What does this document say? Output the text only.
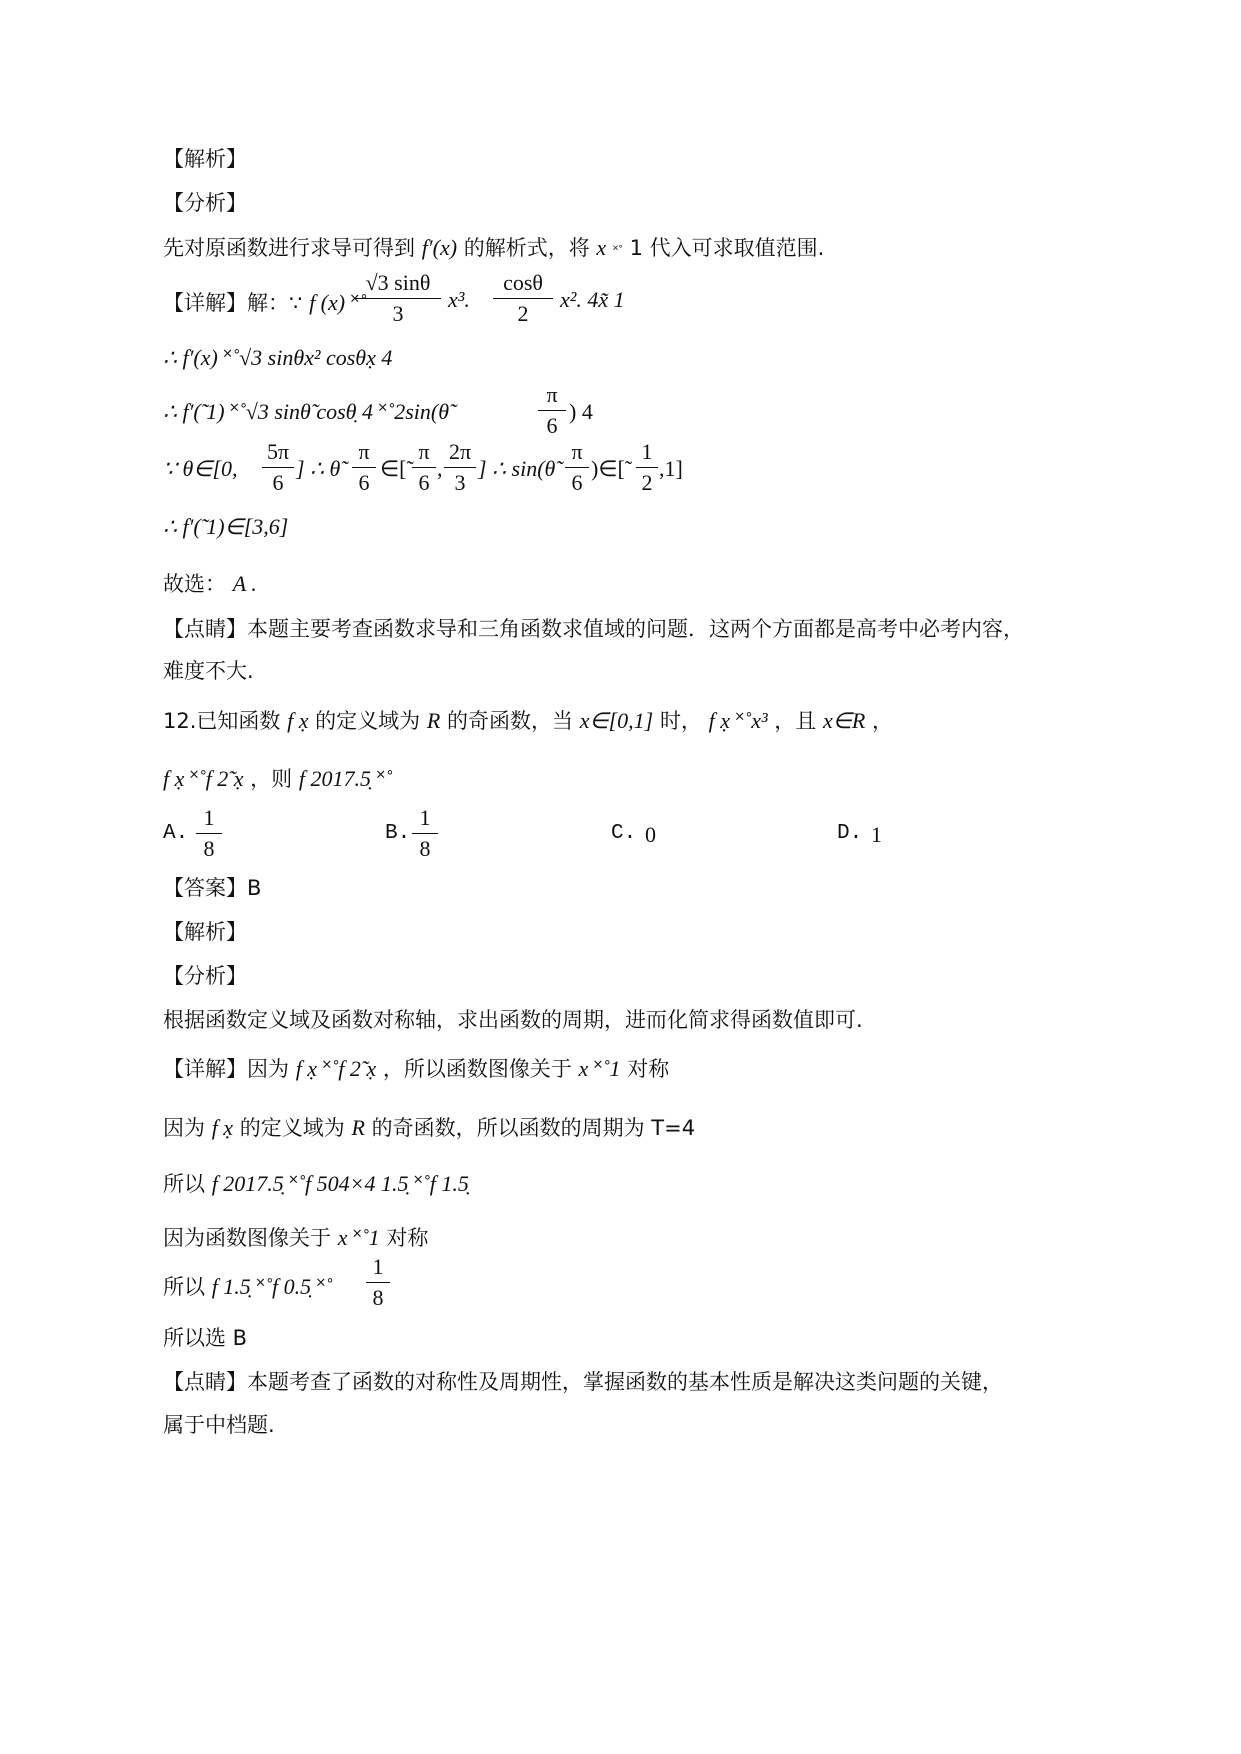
【解析】
【分析】
先对原函数进行求导可得到 f′(x) 的解析式，将 x ˟˚ 1 代入可求取值范围.
【详解】解：∵ f (x) ˟˚
√3 sinθ
3
x³.
cosθ
2
x². 4x̃ 1
∴ f′(x) ˟˚√3 sinθx² cosθx̣ 4
∴ f′(̃ 1) ˟˚√3 sinθ̃ cosθ̣ 4 ˟˚2sin(θ̃
π
6
) 4
∵ θ∈[0,
5π
6
] ∴ θ̃
π
6
∈[̃
π
6
,
2π
3
] ∴ sin(θ̃
π
6
)∈[̃
1
2
,1]
∴ f′(̃ 1)∈[3,6]
故选： A .
【点睛】本题主要考查函数求导和三角函数求值域的问题．这两个方面都是高考中必考内容，
难度不大.
12.已知函数 f x̣ 的定义域为 R 的奇函数，当 x∈[0,1] 时， f x̣ ˟˚x³ ，且 x∈R ，
f x̣ ˟˚f 2̃ x̣ ，则 f 2017.5̣ ˟˚
A.
1
8
B.
1
8
C. 0	D. 1
【答案】B
【解析】
【分析】
根据函数定义域及函数对称轴，求出函数的周期，进而化简求得函数值即可.
【详解】因为 f x̣ ˟˚f 2̃ x̣ ，所以函数图像关于 x ˟˚1 对称
因为 f x̣ 的定义域为 R 的奇函数，所以函数的周期为 T=4
所以 f 2017.5̣ ˟˚f 504×4 1.5̣ ˟˚f 1.5̣
因为函数图像关于 x ˟˚1 对称
所以 f 1.5̣ ˟˚f 0.5̣ ˟˚
1
8
所以选 B
【点睛】本题考查了函数的对称性及周期性，掌握函数的基本性质是解决这类问题的关键，
属于中档题.
